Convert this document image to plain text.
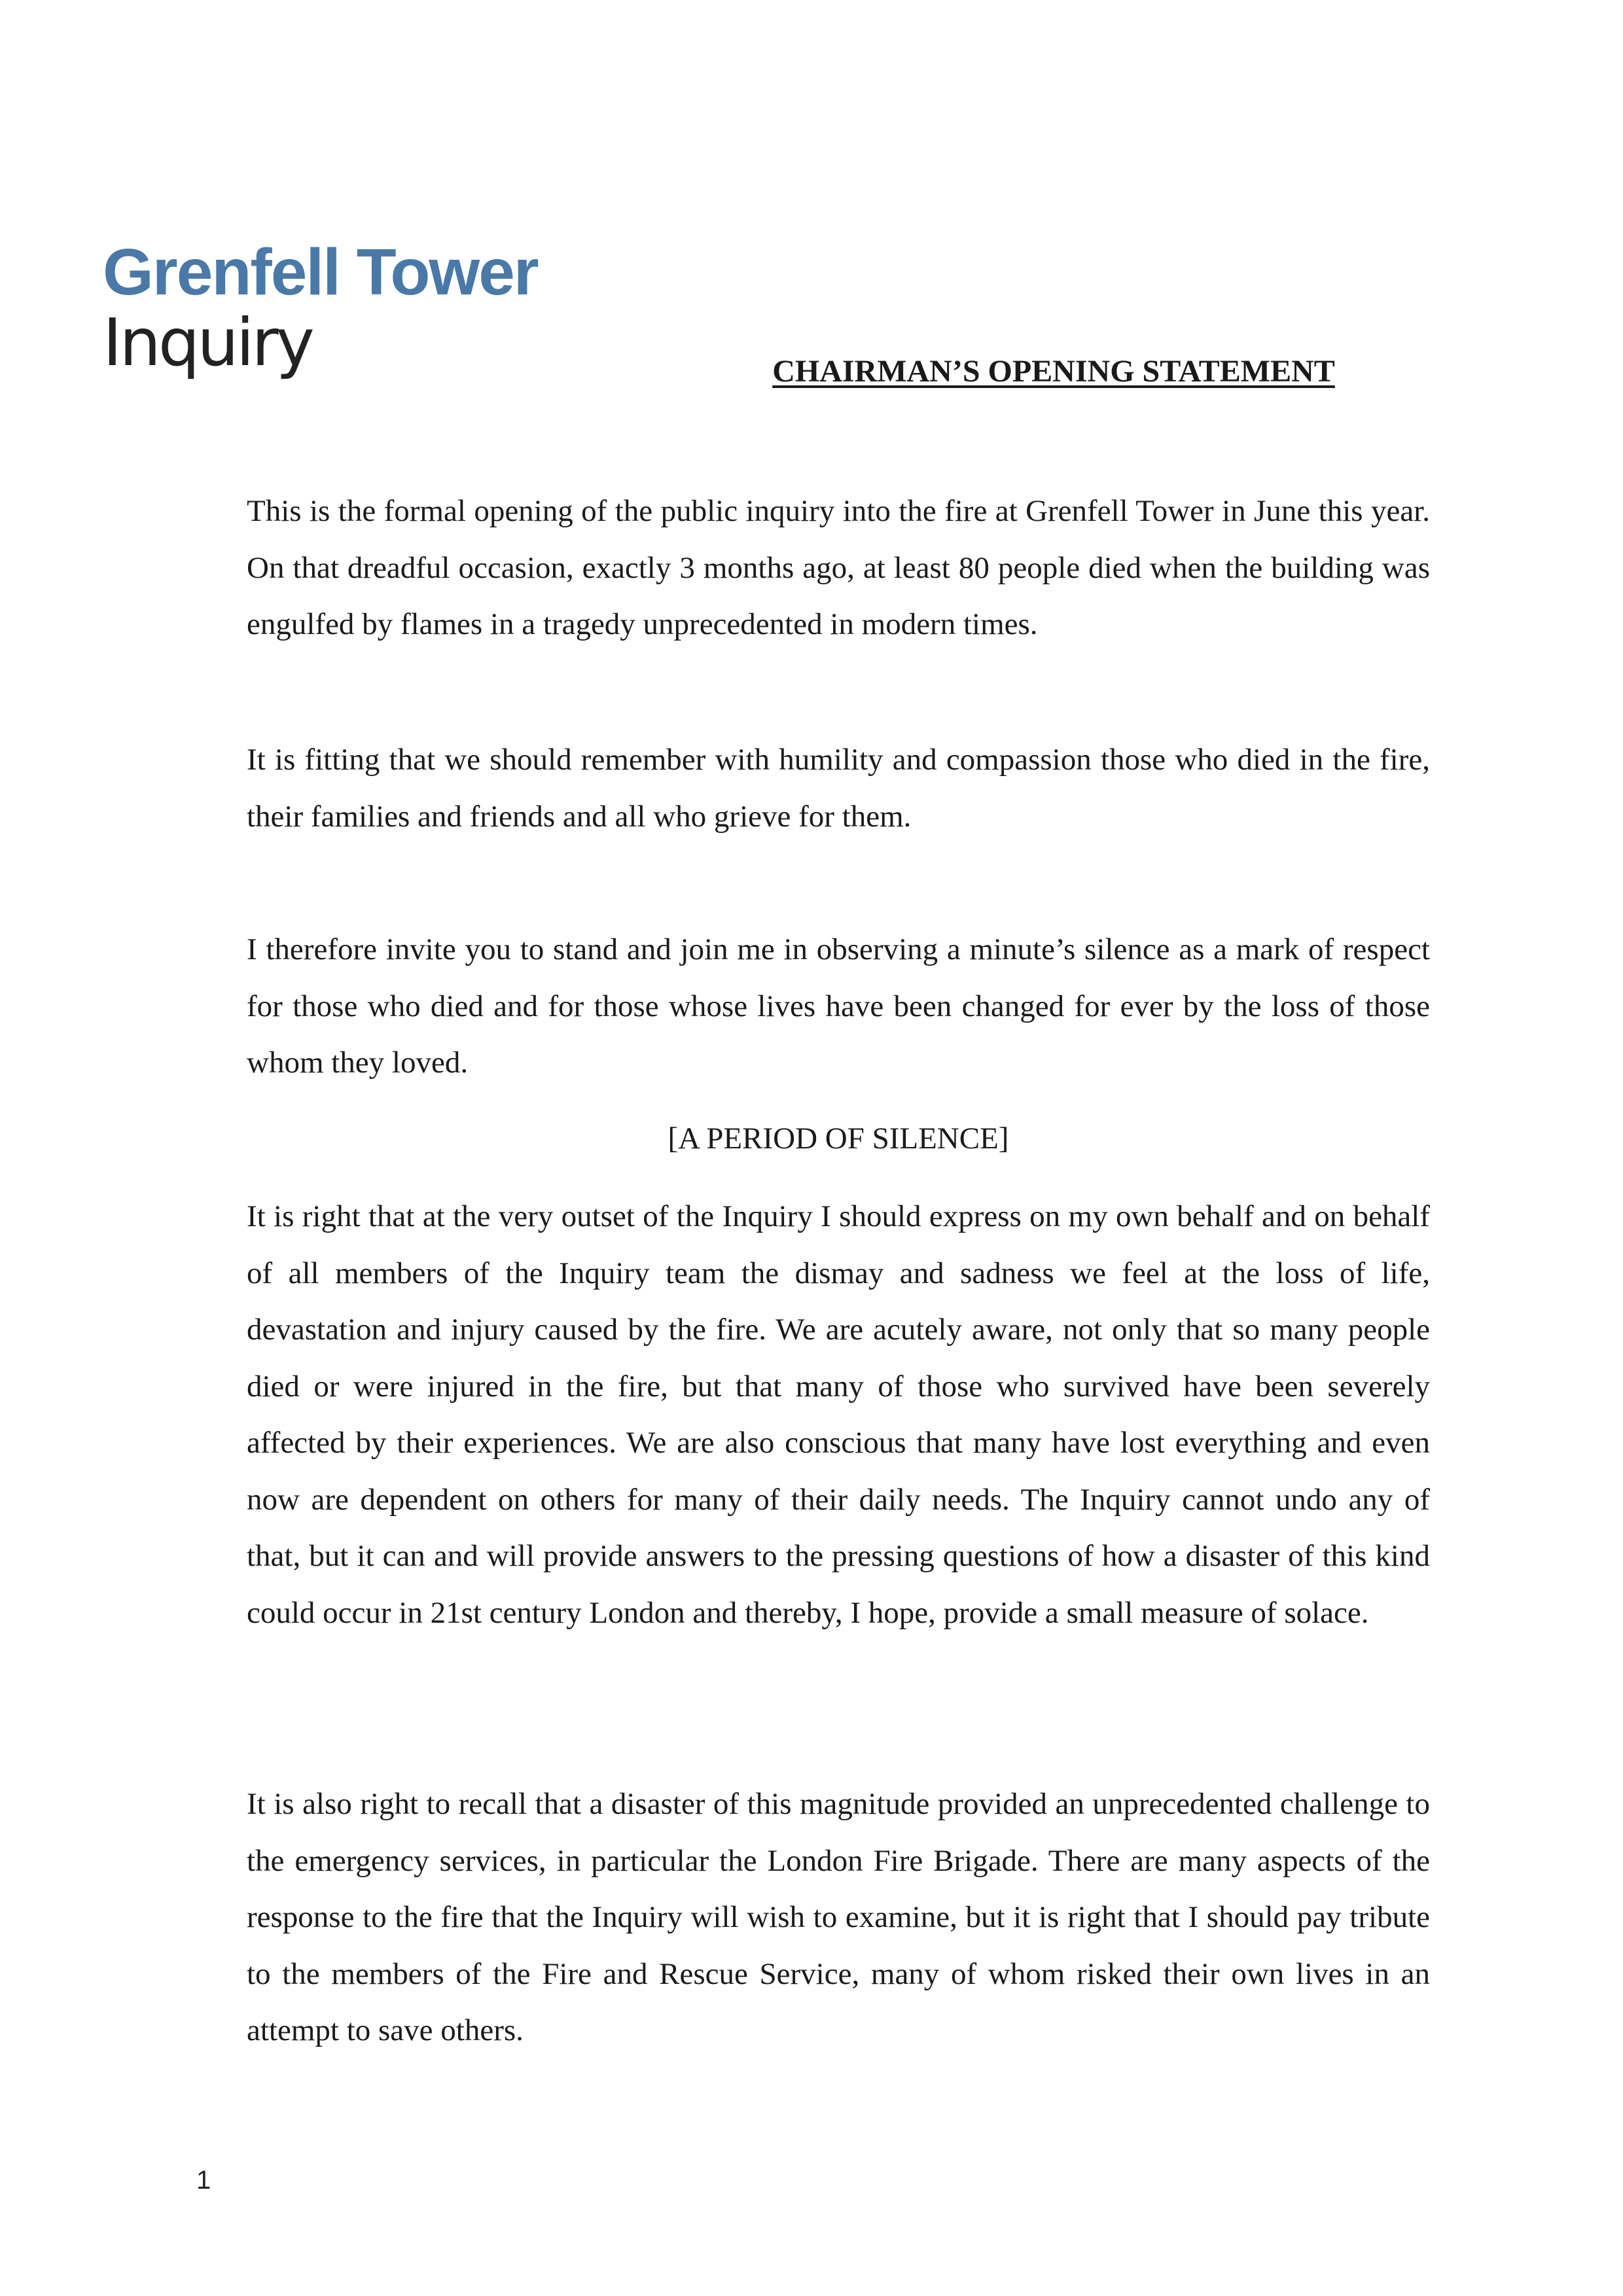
Grenfell Tower
Inquiry	CHAIRMAN’S OPENING STATEMENT

This is the formal opening of the public inquiry into the fire at Grenfell Tower in June this year. On that dreadful occasion, exactly 3 months ago, at least 80 people died when the building was engulfed by flames in a tragedy unprecedented in modern times.

It is fitting that we should remember with humility and compassion those who died in the fire, their families and friends and all who grieve for them.

I therefore invite you to stand and join me in observing a minute’s silence as a mark of respect for those who died and for those whose lives have been changed for ever by the loss of those whom they loved.

[A PERIOD OF SILENCE]

It is right that at the very outset of the Inquiry I should express on my own behalf and on behalf of all members of the Inquiry team the dismay and sadness we feel at the loss of life, devastation and injury caused by the fire. We are acutely aware, not only that so many people died or were injured in the fire, but that many of those who survived have been severely affected by their experiences. We are also conscious that many have lost everything and even now are dependent on others for many of their daily needs. The Inquiry cannot undo any of that, but it can and will provide answers to the pressing questions of how a disaster of this kind could occur in 21st century London and thereby, I hope, provide a small measure of solace.

It is also right to recall that a disaster of this magnitude provided an unprecedented challenge to the emergency services, in particular the London Fire Brigade. There are many aspects of the response to the fire that the Inquiry will wish to examine, but it is right that I should pay tribute to the members of the Fire and Rescue Service, many of whom risked their own lives in an attempt to save others.

1
